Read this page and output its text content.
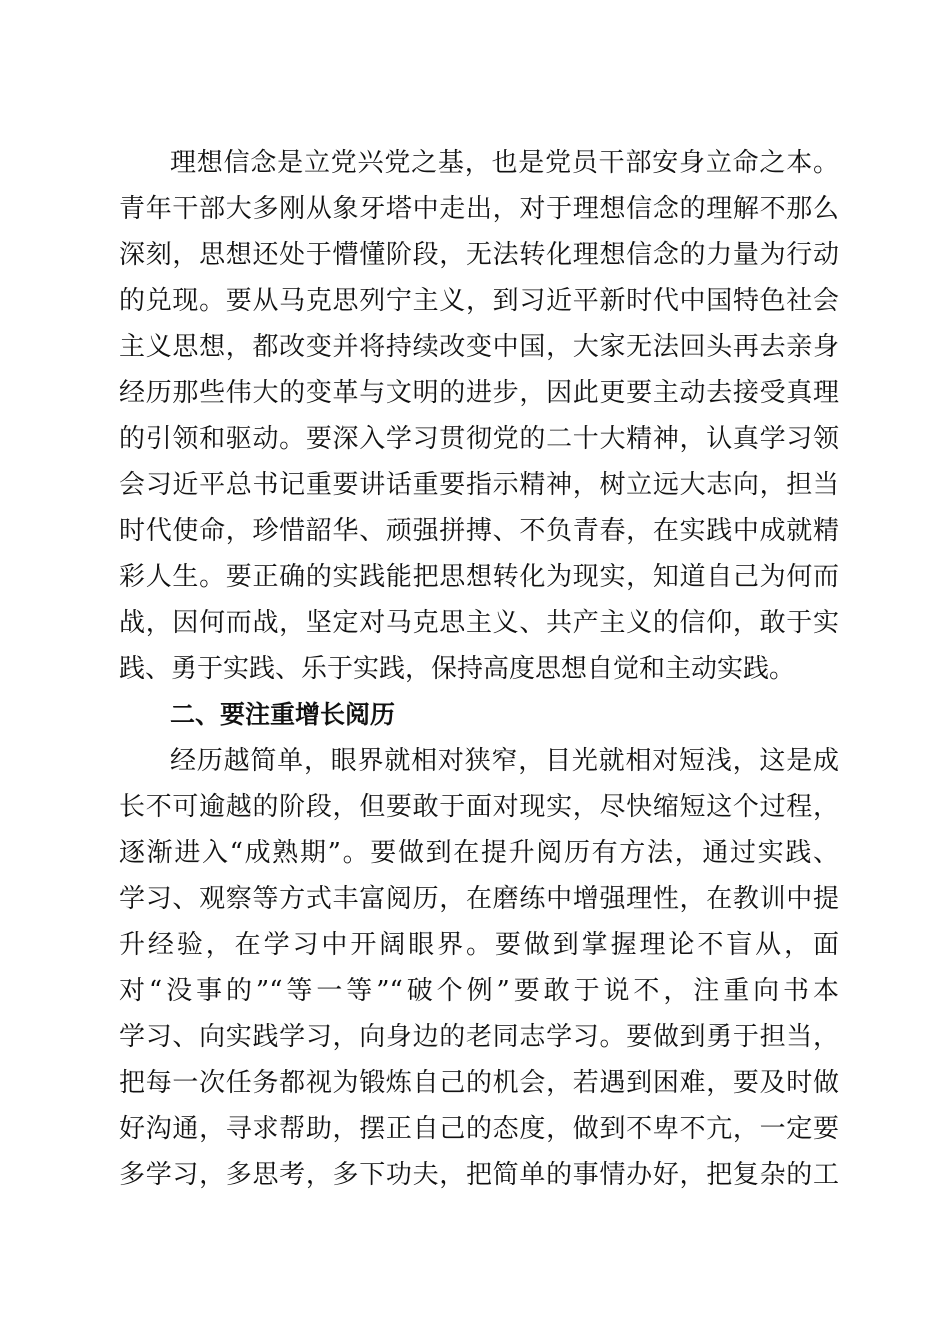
理想信念是立党兴党之基，也是党员干部安身立命之本。
青年干部大多刚从象牙塔中走出，对于理想信念的理解不那么
深刻，思想还处于懵懂阶段，无法转化理想信念的力量为行动
的兑现。要从马克思列宁主义，到习近平新时代中国特色社会
主义思想，都改变并将持续改变中国，大家无法回头再去亲身
经历那些伟大的变革与文明的进步，因此更要主动去接受真理
的引领和驱动。要深入学习贯彻党的二十大精神，认真学习领
会习近平总书记重要讲话重要指示精神，树立远大志向，担当
时代使命，珍惜韶华、顽强拼搏、不负青春，在实践中成就精
彩人生。要正确的实践能把思想转化为现实，知道自己为何而
战，因何而战，坚定对马克思主义、共产主义的信仰，敢于实
践、勇于实践、乐于实践，保持高度思想自觉和主动实践。
二、要注重增长阅历
经历越简单，眼界就相对狭窄，目光就相对短浅，这是成
长不可逾越的阶段，但要敢于面对现实，尽快缩短这个过程，
逐渐进入“成熟期”。要做到在提升阅历有方法，通过实践、
学习、观察等方式丰富阅历，在磨练中增强理性，在教训中提
升经验，在学习中开阔眼界。要做到掌握理论不盲从，面
对“没事的”“等一等”“破个例”要敢于说不，注重向书本
学习、向实践学习，向身边的老同志学习。要做到勇于担当，
把每一次任务都视为锻炼自己的机会，若遇到困难，要及时做
好沟通，寻求帮助，摆正自己的态度，做到不卑不亢，一定要
多学习，多思考，多下功夫，把简单的事情办好，把复杂的工
